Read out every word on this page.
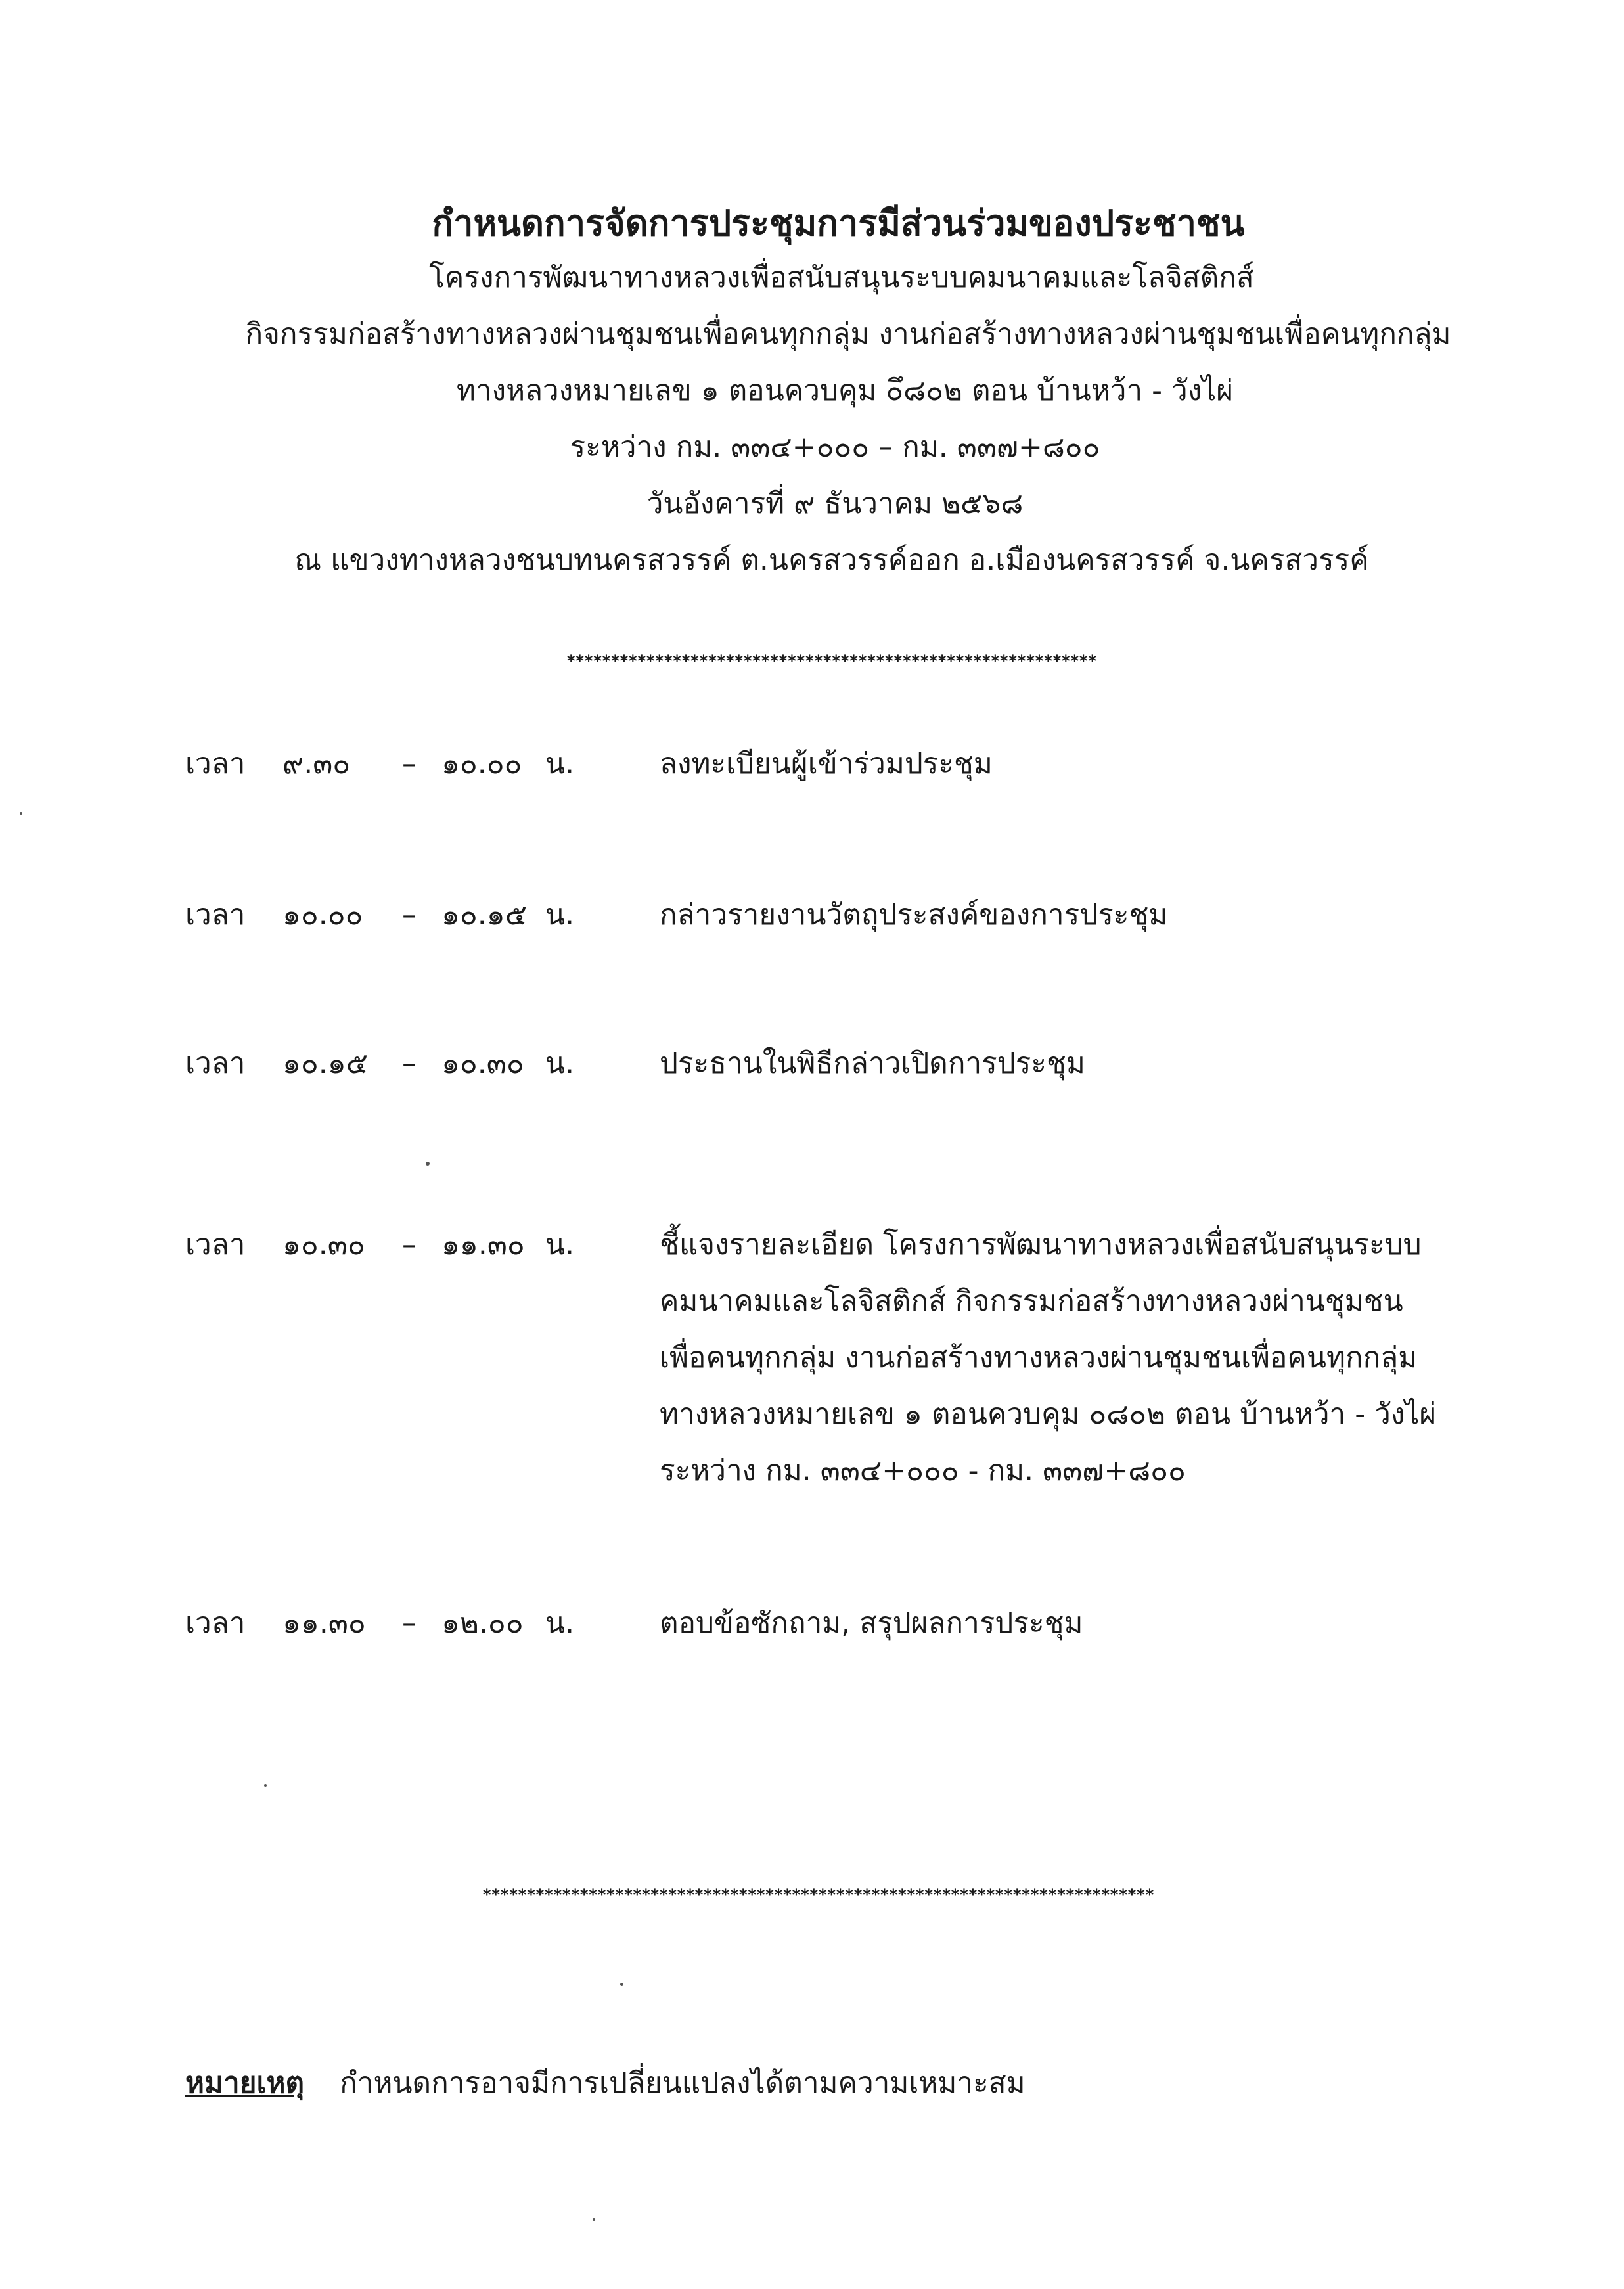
กำหนดการจัดการประชุมการมีส่วนร่วมของประชาชน

โครงการพัฒนาทางหลวงเพื่อสนับสนุนระบบคมนาคมและโลจิสติกส์

กิจกรรมก่อสร้างทางหลวงผ่านชุมชนเพื่อคนทุกกลุ่ม งานก่อสร้างทางหลวงผ่านชุมชนเพื่อคนทุกกลุ่ม

ทางหลวงหมายเลข ๑ ตอนควบคุม ๐ึ๘๐๒ ตอน บ้านหว้า - วังไผ่

ระหว่าง กม. ๓๓๔+๐๐๐ – กม. ๓๓๗+๘๐๐

วันอังคารที่ ๙ ธันวาคม ๒๕๖๘

ณ แขวงทางหลวงชนบทนครสวรรค์ ต.นครสวรรค์ออก อ.เมืองนครสวรรค์ จ.นครสวรรค์

************************************************************
เวลา ๙.๓๐ – ๑๐.๐๐ น.	ลงทะเบียนผู้เข้าร่วมประชุม
เวลา ๑๐.๐๐ – ๑๐.๑๕ น.	กล่าวรายงานวัตถุประสงค์ของการประชุม
เวลา ๑๐.๑๕ – ๑๐.๓๐ น.	ประธานในพิธีกล่าวเปิดการประชุม
เวลา ๑๐.๓๐ – ๑๑.๓๐ น.	ชี้แจงรายละเอียด โครงการพัฒนาทางหลวงเพื่อสนับสนุนระบบ
คมนาคมและโลจิสติกส์ กิจกรรมก่อสร้างทางหลวงผ่านชุมชน
เพื่อคนทุกกลุ่ม งานก่อสร้างทางหลวงผ่านชุมชนเพื่อคนทุกกลุ่ม
ทางหลวงหมายเลข ๑ ตอนควบคุม ๐๘๐๒ ตอน บ้านหว้า - วังไผ่
ระหว่าง กม. ๓๓๔+๐๐๐ - กม. ๓๓๗+๘๐๐
เวลา ๑๑.๓๐ – ๑๒.๐๐ น.	ตอบข้อซักถาม, สรุปผลการประชุม
****************************************************************************
หมายเหตุ กำหนดการอาจมีการเปลี่ยนแปลงได้ตามความเหมาะสม
